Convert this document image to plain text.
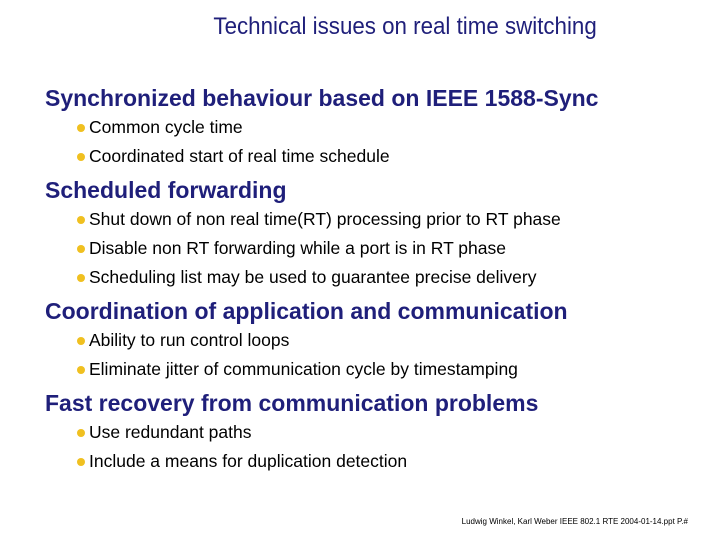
Technical issues on real time switching
Synchronized behaviour based on IEEE 1588-Sync
Common cycle time
Coordinated start of real time schedule
Scheduled forwarding
Shut down of non real time(RT) processing prior to RT phase
Disable non RT forwarding while a port is in RT phase
Scheduling list may be used to guarantee precise delivery
Coordination of application and communication
Ability to run control loops
Eliminate jitter of communication cycle by timestamping
Fast recovery from communication problems
Use redundant paths
Include a means for duplication detection
Ludwig Winkel, Karl Weber IEEE 802.1 RTE 2004-01-14.ppt P.#
